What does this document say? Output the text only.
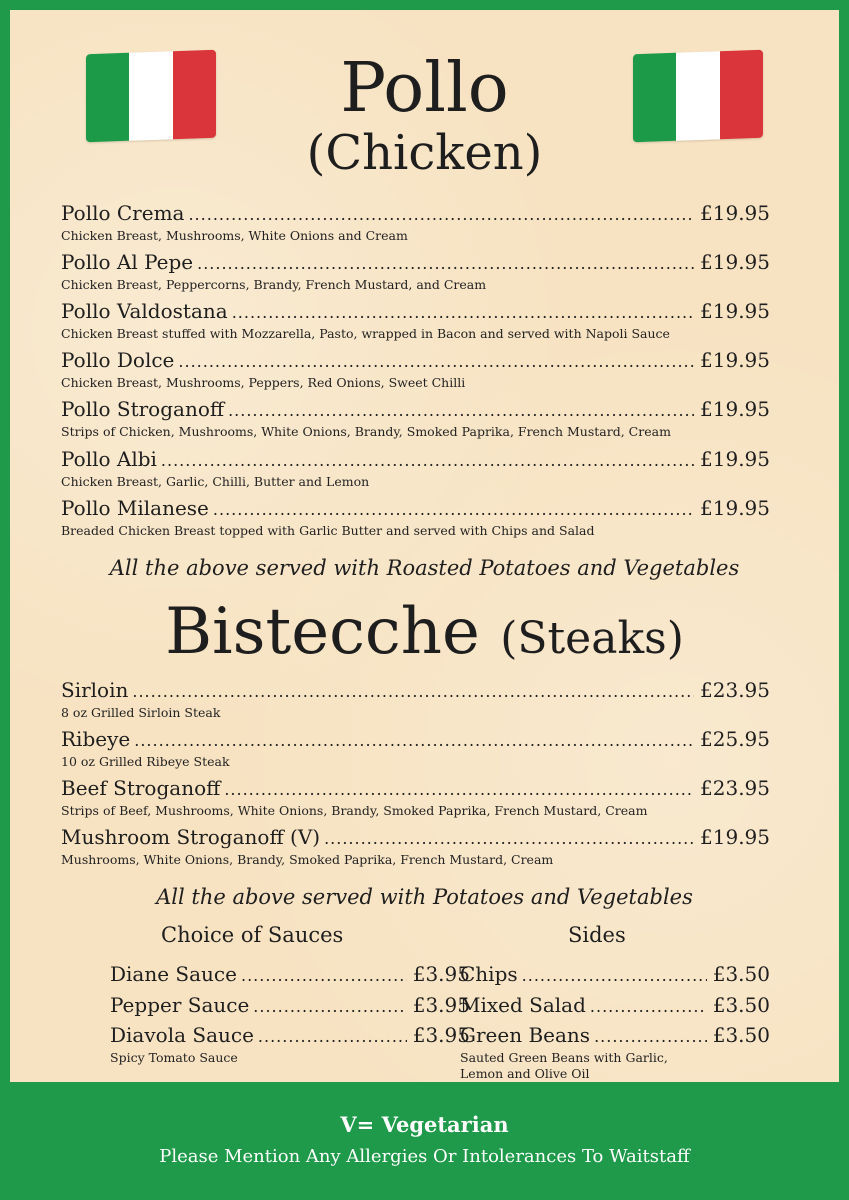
Pollo
(Chicken)
Pollo Crema .....	£19.95
Chicken Breast, Mushrooms, White Onions and Cream
Pollo Al Pepe .....	£19.95
Chicken Breast, Peppercorns, Brandy, French Mustard, and Cream
Pollo Valdostana .....	£19.95
Chicken Breast stuffed with Mozzarella, Pasto, wrapped in Bacon and served with Napoli Sauce
Pollo Dolce .....	£19.95
Chicken Breast, Mushrooms, Peppers, Red Onions, Sweet Chilli
Pollo Stroganoff .....	£19.95
Strips of Chicken, Mushrooms, White Onions, Brandy, Smoked Paprika, French Mustard, Cream
Pollo Albi .....	£19.95
Chicken Breast, Garlic, Chilli, Butter and Lemon
Pollo Milanese .....	£19.95
Breaded Chicken Breast topped with Garlic Butter and served with Chips and Salad
All the above served with Roasted Potatoes and Vegetables
Bistecche (Steaks)
Sirloin .....	£23.95
8 oz Grilled Sirloin Steak
Ribeye .....	£25.95
10 oz Grilled Ribeye Steak
Beef Stroganoff .....	£23.95
Strips of Beef, Mushrooms, White Onions, Brandy, Smoked Paprika, French Mustard, Cream
Mushroom Stroganoff (V) .....	£19.95
Mushrooms, White Onions, Brandy, Smoked Paprika, French Mustard, Cream
All the above served with Potatoes and Vegetables
Choice of Sauces	Sides
Diane Sauce .....	£3.95
Pepper Sauce .....	£3.95
Diavola Sauce .....	£3.95
Spicy Tomato Sauce
Chips .....	£3.50
Mixed Salad .....	£3.50
Green Beans .....	£3.50
Sauted Green Beans with Garlic, Lemon and Olive Oil
V= Vegetarian
Please Mention Any Allergies Or Intolerances To Waitstaff
